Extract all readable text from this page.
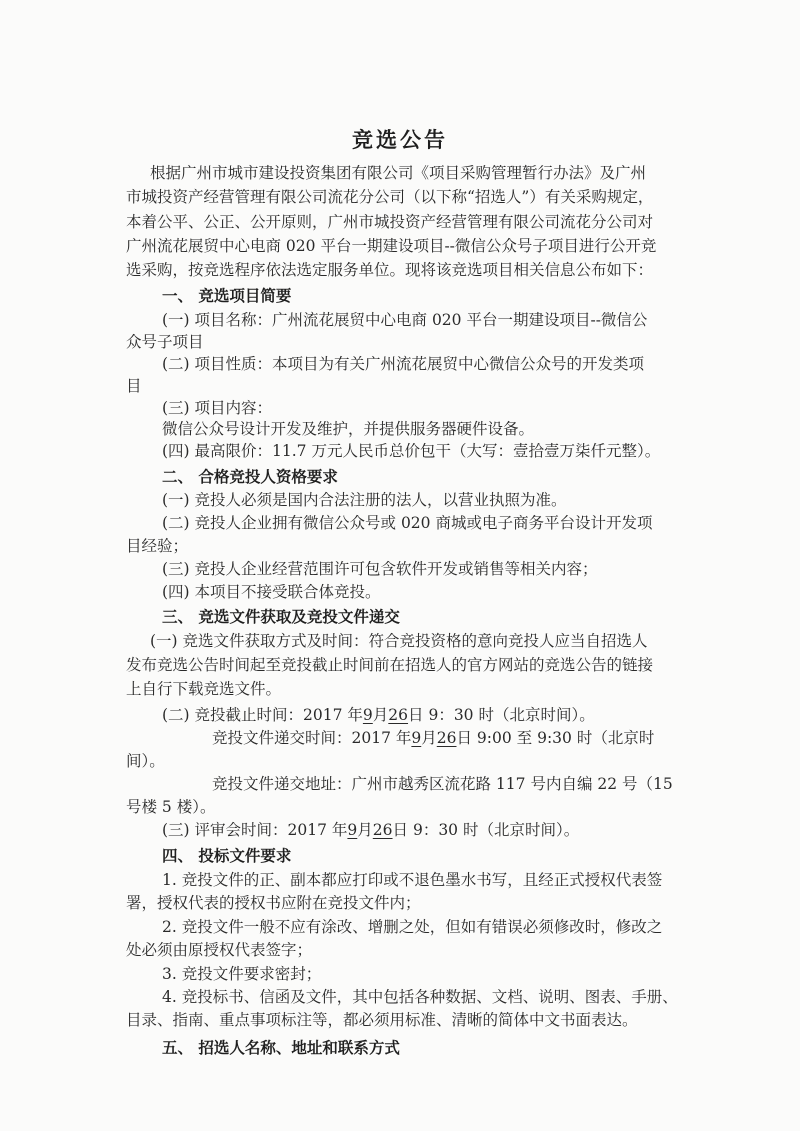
竞选公告
根据广州市城市建设投资集团有限公司《项目采购管理暂行办法》及广州
市城投资产经营管理有限公司流花分公司（以下称“招选人”）有关采购规定，
本着公平、公正、公开原则，广州市城投资产经营管理有限公司流花分公司对
广州流花展贸中心电商 020 平台一期建设项目--微信公众号子项目进行公开竞
选采购，按竞选程序依法选定服务单位。现将该竞选项目相关信息公布如下：
一、 竞选项目简要
(一) 项目名称：广州流花展贸中心电商 020 平台一期建设项目--微信公
众号子项目
(二) 项目性质：本项目为有关广州流花展贸中心微信公众号的开发类项
目
(三) 项目内容：
微信公众号设计开发及维护，并提供服务器硬件设备。
(四) 最高限价：11.7 万元人民币总价包干（大写：壹拾壹万柒仟元整）。
二、 合格竞投人资格要求
(一) 竞投人必须是国内合法注册的法人，以营业执照为准。
(二) 竞投人企业拥有微信公众号或 020 商城或电子商务平台设计开发项
目经验；
(三) 竞投人企业经营范围许可包含软件开发或销售等相关内容；
(四) 本项目不接受联合体竞投。
三、 竞选文件获取及竞投文件递交
(一) 竞选文件获取方式及时间：符合竞投资格的意向竞投人应当自招选人
发布竞选公告时间起至竞投截止时间前在招选人的官方网站的竞选公告的链接
上自行下载竞选文件。
(二) 竞投截止时间：2017 年9月26日 9：30 时（北京时间）。
竞投文件递交时间：2017 年9月26日 9:00 至 9:30 时（北京时
间）。
竞投文件递交地址：广州市越秀区流花路 117 号内自编 22 号（15
号楼 5 楼）。
(三) 评审会时间：2017 年9月26日 9：30 时（北京时间）。
四、 投标文件要求
1. 竞投文件的正、副本都应打印或不退色墨水书写，且经正式授权代表签
署，授权代表的授权书应附在竞投文件内；
2. 竞投文件一般不应有涂改、增删之处，但如有错误必须修改时，修改之
处必须由原授权代表签字；
3. 竞投文件要求密封；
4. 竞投标书、信函及文件，其中包括各种数据、文档、说明、图表、手册、
目录、指南、重点事项标注等，都必须用标准、清晰的简体中文书面表达。
五、 招选人名称、地址和联系方式
